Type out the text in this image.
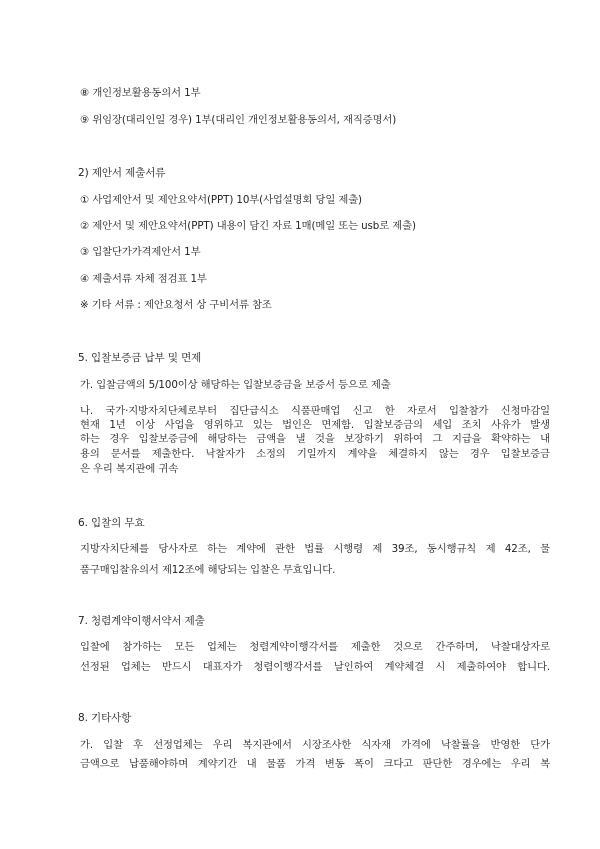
⑧ 개인정보활용동의서 1부
⑨ 위임장(대리인일 경우) 1부(대리인 개인정보활용동의서, 재직증명서)
2) 제안서 제출서류
① 사업제안서 및 제안요약서(PPT) 10부(사업설명회 당일 제출)
② 제안서 및 제안요약서(PPT) 내용이 담긴 자료 1매(메일 또는 usb로 제출)
③ 입찰단가가격제안서 1부
④ 제출서류 자체 점검표 1부
※ 기타 서류 : 제안요청서 상 구비서류 참조
5. 입찰보증금 납부 및 면제
가. 입찰금액의 5/100이상 해당하는 입찰보증금을 보증서 등으로 제출
나. 국가·지방자치단체로부터 집단급식소 식품판매업 신고 한 자로서 입찰참가 신청마감일
현재 1년 이상 사업을 영위하고 있는 법인은 면제함. 입찰보증금의 세입 조치 사유가 발생
하는 경우 입찰보증금에 해당하는 금액을 낼 것을 보장하기 위하여 그 지급을 확약하는 내
용의 문서를 제출한다. 낙찰자가 소정의 기일까지 계약을 체결하지 않는 경우 입찰보증금
은 우리 복지관에 귀속
6. 입찰의 무효
지방자치단체를 당사자로 하는 계약에 관한 법률 시행령 제 39조, 동시행규칙 제 42조, 물
품구매입찰유의서 제12조에 해당되는 입찰은 무효입니다.
7. 청렴계약이행서약서 제출
입찰에 참가하는 모든 업체는 청렴계약이행각서를 제출한 것으로 간주하며, 낙찰대상자로
선정된 업체는 반드시 대표자가 청렴이행각서를 날인하여 계약체결 시 제출하여야 합니다.
8. 기타사항
가. 입찰 후 선정업체는 우리 복지관에서 시장조사한 식자재 가격에 낙찰률을 반영한 단가
금액으로 납품해야하며 계약기간 내 물품 가격 변동 폭이 크다고 판단한 경우에는 우리 복
